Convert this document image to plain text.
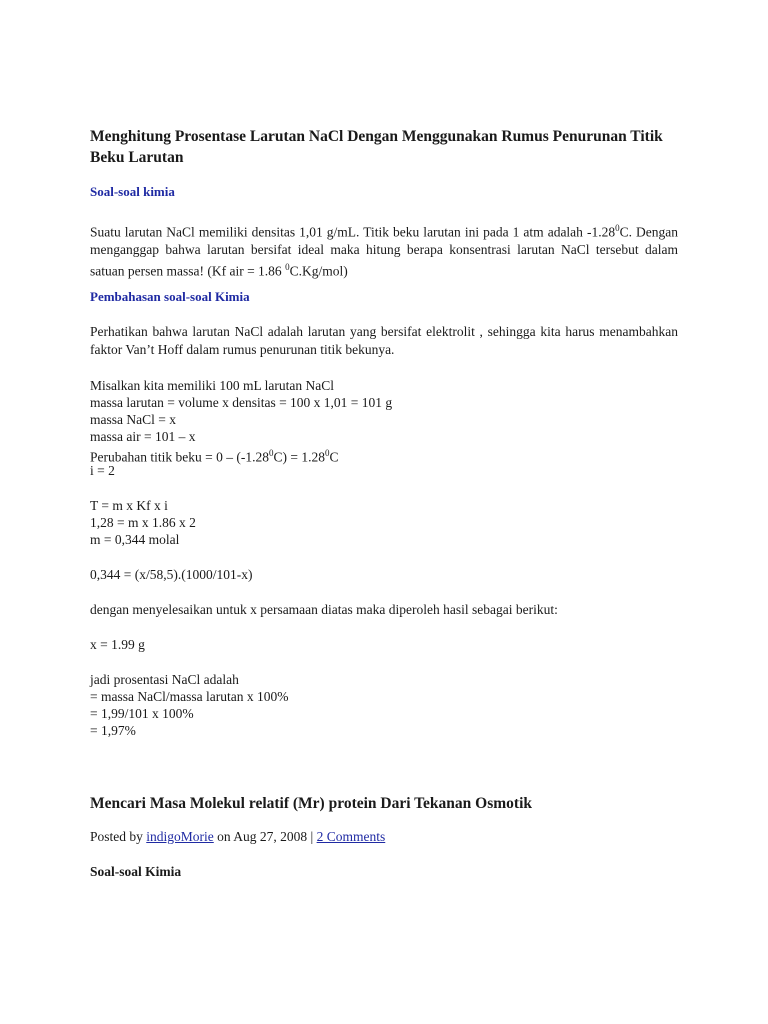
Menghitung Prosentase Larutan NaCl Dengan Menggunakan Rumus Penurunan Titik Beku Larutan
Soal-soal kimia
Suatu larutan NaCl memiliki densitas 1,01 g/mL. Titik beku larutan ini pada 1 atm adalah -1.28$^0$C. Dengan menganggap bahwa larutan bersifat ideal maka hitung berapa konsentrasi larutan NaCl tersebut dalam satuan persen massa! (Kf air = 1.86 $^0$C.Kg/mol)
Pembahasan soal-soal Kimia
Perhatikan bahwa larutan NaCl adalah larutan yang bersifat elektrolit , sehingga kita harus menambahkan faktor Van’t Hoff dalam rumus penurunan titik bekunya.
Misalkan kita memiliki 100 mL larutan NaCl
massa larutan = volume x densitas = 100 x 1,01 = 101 g
massa NaCl = x
massa air = 101 – x
Perubahan titik beku = $0 - (-1.28^0C) = 1.28^0C$
i = 2
T = m x Kf x i
1,28 = m x 1.86 x 2
m = 0,344 molal
0,344 = (x/58,5).(1000/101-x)
dengan menyelesaikan untuk x persamaan diatas maka diperoleh hasil sebagai berikut:
x = 1.99 g
jadi prosentasi NaCl adalah
= massa NaCl/massa larutan x 100%
= 1,99/101 x 100%
= 1,97%
Mencari Masa Molekul relatif (Mr) protein Dari Tekanan Osmotik
Posted by indigoMorie on Aug 27, 2008 | 2 Comments
Soal-soal Kimia
